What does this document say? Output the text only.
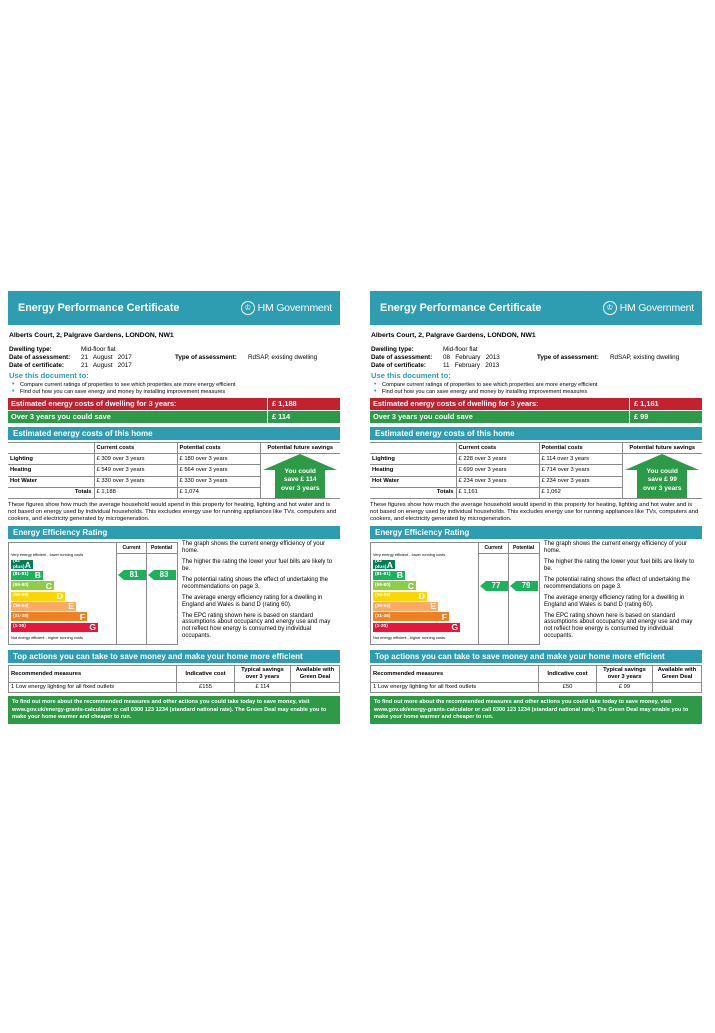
Energy Performance Certificate	♔ HM Government
Alberts Court, 2, Palgrave Gardens, LONDON, NW1
Dwelling type:	Mid-floor flat
Date of assessment:	21   August   2017	Type of assessment:	RdSAP, existing dwelling
Date of certificate:	21   August   2017
Use this document to:
• Compare current ratings of properties to see which properties are more energy efficient
• Find out how you can save energy and money by installing improvement measures
Estimated energy costs of dwelling for 3 years:	£ 1,188
Over 3 years you could save	£ 114
Estimated energy costs of this home
	Current costs	Potential costs	Potential future savings
Lighting	£ 309 over 3 years	£ 180 over 3 years	You could
save £ 114
over 3 years

Heating	£ 549 over 3 years	£ 564 over 3 years	
Hot Water	£ 330 over 3 years	£ 330 over 3 years	
Totals	£ 1,188	£ 1,074	
These figures show how much the average household would spend in this property for heating, lighting and hot water and is not based on energy used by individual households. This excludes energy use for running appliances like TVs, computers and cookers, and electricity generated by microgeneration.
Energy Efficiency Rating
Current	Potential
Very energy efficient - lower running costs
Not energy efficient - higher running costs
(92 plus) A
(81-91) B
(69-80) C
(55-68)	D
(39-54)	E
(21-38)	F
(1-20)	G
81	83

The graph shows the current energy efficiency of your home.

The higher the rating the lower your fuel bills are likely to be.

The potential rating shows the effect of undertaking the recommendations on page 3.

The average energy efficiency rating for a dwelling in England and Wales is band D (rating 60).

The EPC rating shown here is based on standard assumptions about occupancy and energy use and may not reflect how energy is consumed by individual occupants.

Top actions you can take to save money and make your home more efficient
Recommended measures	Indicative cost	Typical savings over 3 years	Available with Green Deal
1 Low energy lighting for all fixed outlets	£155	£ 114	
To find out more about the recommended measures and other actions you could take today to save money, visit www.gov.uk/energy-grants-calculator or call 0300 123 1234 (standard national rate). The Green Deal may enable you to make your home warmer and cheaper to run.
Energy Performance Certificate	♔ HM Government
Alberts Court, 2, Palgrave Gardens, LONDON, NW1
Dwelling type:	Mid-floor flat
Date of assessment:	08   February   2013	Type of assessment:	RdSAP, existing dwelling
Date of certificate:	11   February   2013
Use this document to:
• Compare current ratings of properties to see which properties are more energy efficient
• Find out how you can save energy and money by installing improvement measures
Estimated energy costs of dwelling for 3 years:	£ 1,161
Over 3 years you could save	£ 99
Estimated energy costs of this home
	Current costs	Potential costs	Potential future savings
Lighting	£ 228 over 3 years	£ 114 over 3 years	You could
save £ 99
over 3 years

Heating	£ 699 over 3 years	£ 714 over 3 years	
Hot Water	£ 234 over 3 years	£ 234 over 3 years	
Totals	£ 1,161	£ 1,062	
These figures show how much the average household would spend in this property for heating, lighting and hot water and is not based on energy used by individual households. This excludes energy use for running appliances like TVs, computers and cookers, and electricity generated by microgeneration.
Energy Efficiency Rating
Current	Potential
Very energy efficient - lower running costs
Not energy efficient - higher running costs
(92 plus) A
(81-91) B
(69-80) C
(55-68)	D
(39-54)	E
(21-38)	F
(1-20)	G
77	79

The graph shows the current energy efficiency of your home.

The higher the rating the lower your fuel bills are likely to be.

The potential rating shows the effect of undertaking the recommendations on page 3.

The average energy efficiency rating for a dwelling in England and Wales is band D (rating 60).

The EPC rating shown here is based on standard assumptions about occupancy and energy use and may not reflect how energy is consumed by individual occupants.

Top actions you can take to save money and make your home more efficient
Recommended measures	Indicative cost	Typical savings over 3 years	Available with Green Deal
1 Low energy lighting for all fixed outlets	£50	£ 99	
To find out more about the recommended measures and other actions you could take today to save money, visit www.gov.uk/energy-grants-calculator or call 0300 123 1234 (standard national rate). The Green Deal may enable you to make your home warmer and cheaper to run.
